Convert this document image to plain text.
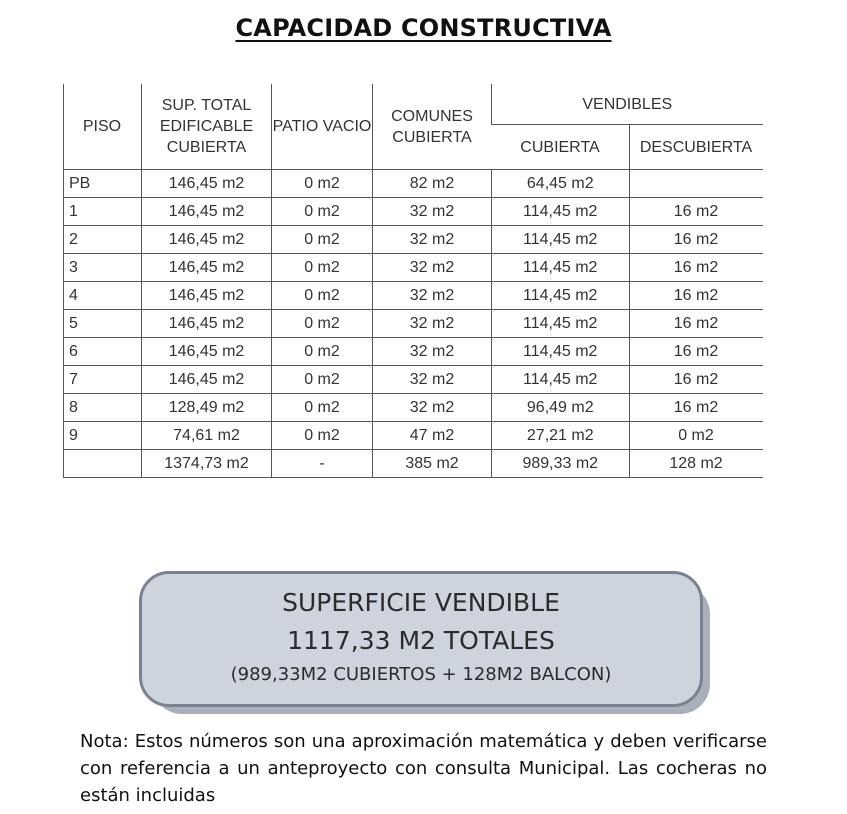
CAPACIDAD CONSTRUCTIVA
PISO	SUP. TOTAL EDIFICABLE CUBIERTA	PATIO VACIO	COMUNES CUBIERTA	VENDIBLES	
				CUBIERTA	DESCUBIERTA
PB	146,45 m2	0 m2	82 m2	64,45 m2	
1	146,45 m2	0 m2	32 m2	114,45 m2	16 m2
2	146,45 m2	0 m2	32 m2	114,45 m2	16 m2
3	146,45 m2	0 m2	32 m2	114,45 m2	16 m2
4	146,45 m2	0 m2	32 m2	114,45 m2	16 m2
5	146,45 m2	0 m2	32 m2	114,45 m2	16 m2
6	146,45 m2	0 m2	32 m2	114,45 m2	16 m2
7	146,45 m2	0 m2	32 m2	114,45 m2	16 m2
8	128,49 m2	0 m2	32 m2	96,49 m2	16 m2
9	74,61 m2	0 m2	47 m2	27,21 m2	0 m2
	1374,73 m2	-	385 m2	989,33 m2	128 m2
SUPERFICIE VENDIBLE
1117,33 M2 TOTALES
(989,33M2 CUBIERTOS + 128M2 BALCON)
Nota: Estos números son una aproximación matemática y deben verificarse con referencia a un anteproyecto con consulta Municipal. Las cocheras no están incluidas
